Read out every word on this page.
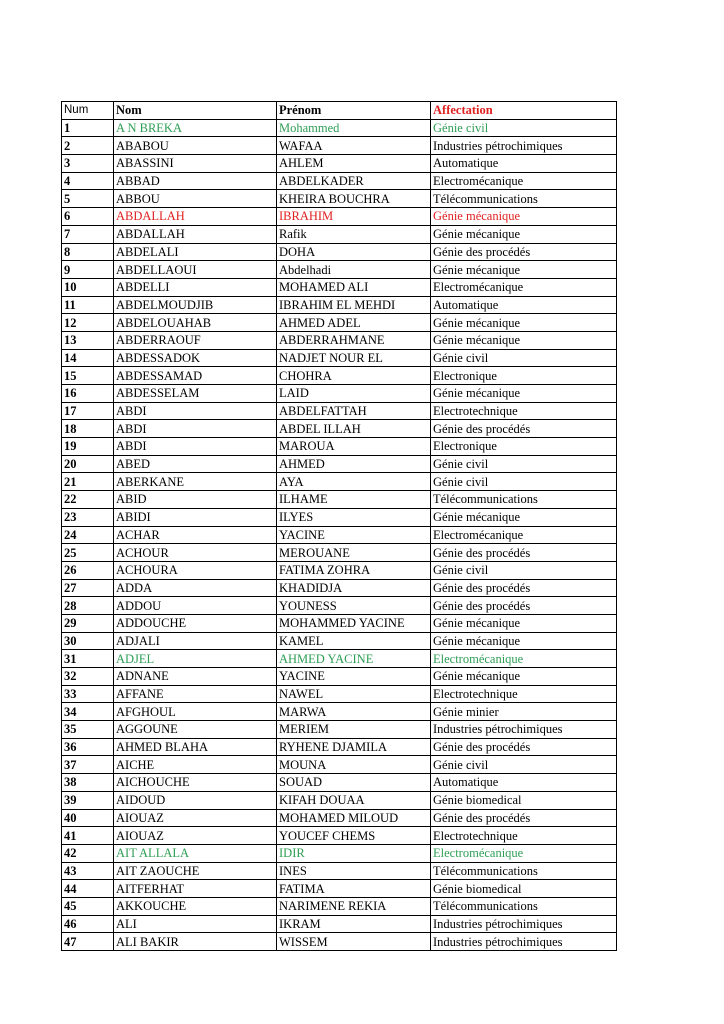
Num	Nom	Prénom	Affectation
1	A N BREKA	Mohammed	Génie civil
2	ABABOU	WAFAA	Industries pétrochimiques
3	ABASSINI	AHLEM	Automatique
4	ABBAD	ABDELKADER	Electromécanique
5	ABBOU	KHEIRA BOUCHRA	Télécommunications
6	ABDALLAH	IBRAHIM	Génie mécanique
7	ABDALLAH	Rafik	Génie mécanique
8	ABDELALI	DOHA	Génie des procédés
9	ABDELLAOUI	Abdelhadi	Génie mécanique
10	ABDELLI	MOHAMED ALI	Electromécanique
11	ABDELMOUDJIB	IBRAHIM EL MEHDI	Automatique
12	ABDELOUAHAB	AHMED ADEL	Génie mécanique
13	ABDERRAOUF	ABDERRAHMANE	Génie mécanique
14	ABDESSADOK	NADJET NOUR EL	Génie civil
15	ABDESSAMAD	CHOHRA	Electronique
16	ABDESSELAM	LAID	Génie mécanique
17	ABDI	ABDELFATTAH	Electrotechnique
18	ABDI	ABDEL ILLAH	Génie des procédés
19	ABDI	MAROUA	Electronique
20	ABED	AHMED	Génie civil
21	ABERKANE	AYA	Génie civil
22	ABID	ILHAME	Télécommunications
23	ABIDI	ILYES	Génie mécanique
24	ACHAR	YACINE	Electromécanique
25	ACHOUR	MEROUANE	Génie des procédés
26	ACHOURA	FATIMA ZOHRA	Génie civil
27	ADDA	KHADIDJA	Génie des procédés
28	ADDOU	YOUNESS	Génie des procédés
29	ADDOUCHE	MOHAMMED YACINE	Génie mécanique
30	ADJALI	KAMEL	Génie mécanique
31	ADJEL	AHMED YACINE	Electromécanique
32	ADNANE	YACINE	Génie mécanique
33	AFFANE	NAWEL	Electrotechnique
34	AFGHOUL	MARWA	Génie minier
35	AGGOUNE	MERIEM	Industries pétrochimiques
36	AHMED BLAHA	RYHENE DJAMILA	Génie des procédés
37	AICHE	MOUNA	Génie civil
38	AICHOUCHE	SOUAD	Automatique
39	AIDOUD	KIFAH DOUAA	Génie biomedical
40	AIOUAZ	MOHAMED MILOUD	Génie des procédés
41	AIOUAZ	YOUCEF CHEMS	Electrotechnique
42	AIT ALLALA	IDIR	Electromécanique
43	AIT ZAOUCHE	INES	Télécommunications
44	AITFERHAT	FATIMA	Génie biomedical
45	AKKOUCHE	NARIMENE REKIA	Télécommunications
46	ALI	IKRAM	Industries pétrochimiques
47	ALI BAKIR	WISSEM	Industries pétrochimiques
